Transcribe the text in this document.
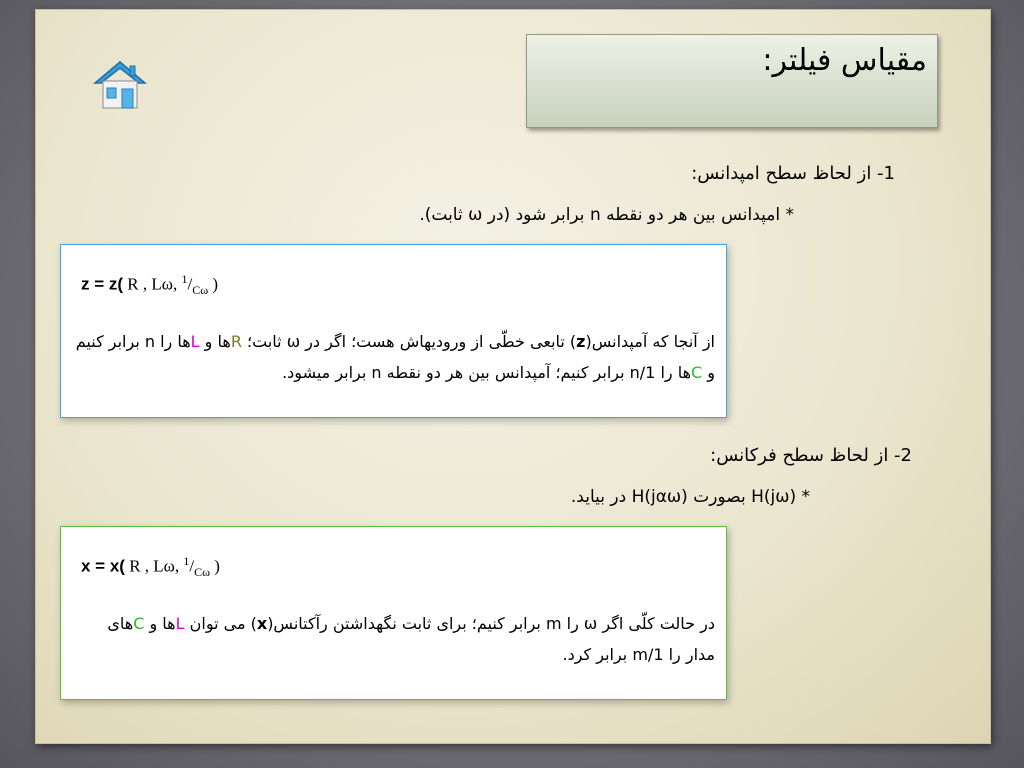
مقیاس فیلتر:
1- از لحاظ سطح امپدانس:
* امپدانس بین هر دو نقطه n برابر شود (در ω ثابت).
z = z( R , Lω, $^1/_{C\omega}$ )
از آنجا که آمپدانس(z) تابعی خطّی از ورودیهاش هست؛ اگر در ω ثابت؛ Rها و Lها را n برابر کنیم و Cها را 1/n برابر کنیم؛ آمپدانس بین هر دو نقطه n برابر میشود.
2- از لحاظ سطح فرکانس:
* H(jω) بصورت H(jαω) در بیاید.
x = x( R , Lω, $^1/_{C\omega}$ )
در حالت کلّی اگر ω را m برابر کنیم؛ برای ثابت نگهداشتن رآکتانس(x) می توان Lها و Cهای مدار را 1/m برابر کرد.
